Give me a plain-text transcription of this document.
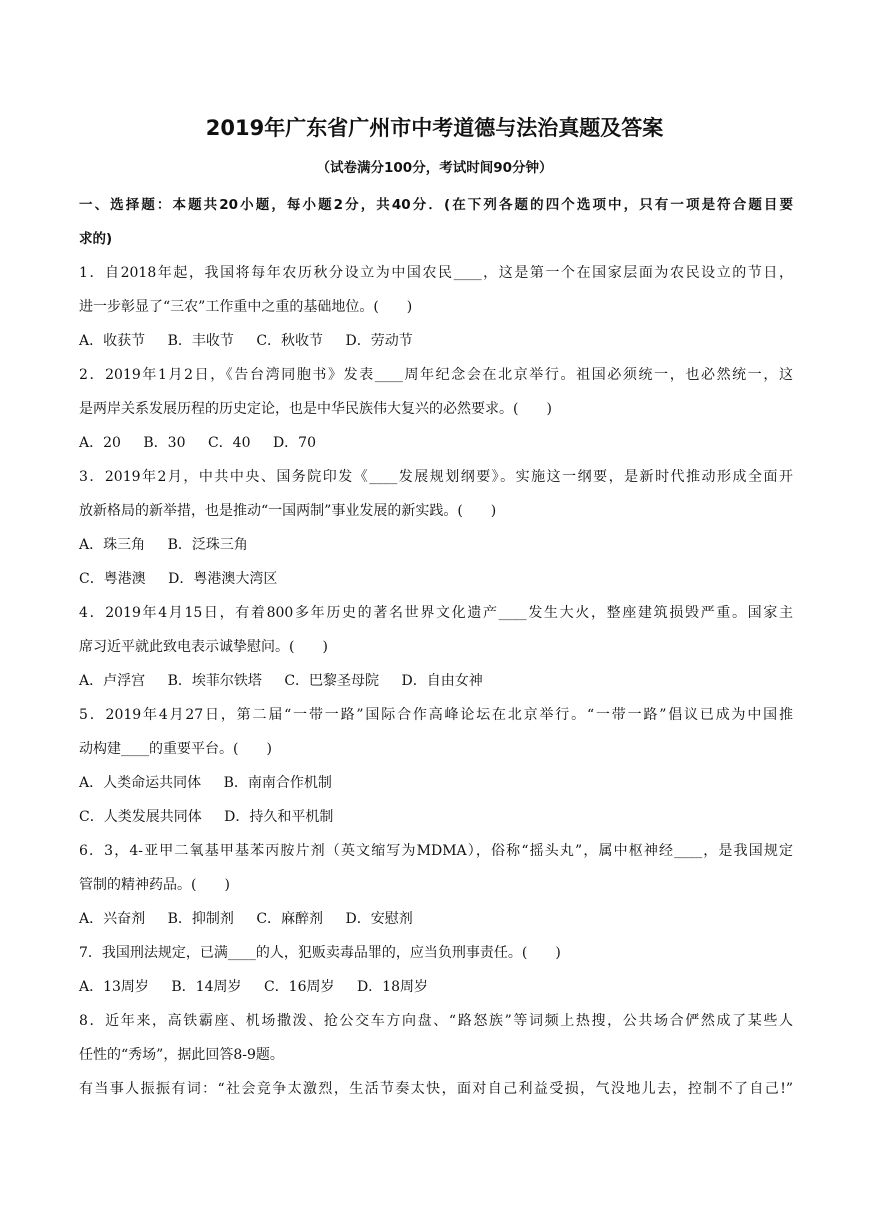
2019年广东省广州市中考道德与法治真题及答案
（试卷满分100分，考试时间90分钟）
一、选择题：本题共20小题，每小题2分，共40分．(在下列各题的四个选项中，只有一项是符合题目要
求的)
1．自2018年起，我国将每年农历秋分设立为中国农民____，这是第一个在国家层面为农民设立的节日，
进一步彰显了“三农”工作重中之重的基础地位。(　　)
A．收获节 B．丰收节 C．秋收节 D．劳动节
2．2019年1月2日，《告台湾同胞书》发表____周年纪念会在北京举行。祖国必须统一，也必然统一，这
是两岸关系发展历程的历史定论，也是中华民族伟大复兴的必然要求。(　　)
A．20 B．30 C．40 D．70
3．2019年2月，中共中央、国务院印发《____发展规划纲要》。实施这一纲要，是新时代推动形成全面开
放新格局的新举措，也是推动“一国两制”事业发展的新实践。(　　)
A．珠三角 B．泛珠三角
C．粤港澳 D．粤港澳大湾区
4．2019年4月15日，有着800多年历史的著名世界文化遗产____发生大火，整座建筑损毁严重。国家主
席习近平就此致电表示诚挚慰问。(　　)
A．卢浮宫 B．埃菲尔铁塔 C．巴黎圣母院 D．自由女神
5．2019年4月27日，第二届“一带一路”国际合作高峰论坛在北京举行。“一带一路”倡议已成为中国推
动构建____的重要平台。(　　)
A．人类命运共同体 B．南南合作机制
C．人类发展共同体 D．持久和平机制
6．3，4-亚甲二氧基甲基苯丙胺片剂（英文缩写为MDMA），俗称“摇头丸”，属中枢神经____，是我国规定
管制的精神药品。(　　)
A．兴奋剂 B．抑制剂 C．麻醉剂 D．安慰剂
7．我国刑法规定，已满____的人，犯贩卖毒品罪的，应当负刑事责任。(　　)
A．13周岁 B．14周岁 C．16周岁 D．18周岁
8．近年来，高铁霸座、机场撒泼、抢公交车方向盘、“路怒族”等词频上热搜，公共场合俨然成了某些人
任性的“秀场”，据此回答8-9题。
有当事人振振有词：“社会竞争太激烈，生活节奏太快，面对自己利益受损，气没地儿去，控制不了自己!”
